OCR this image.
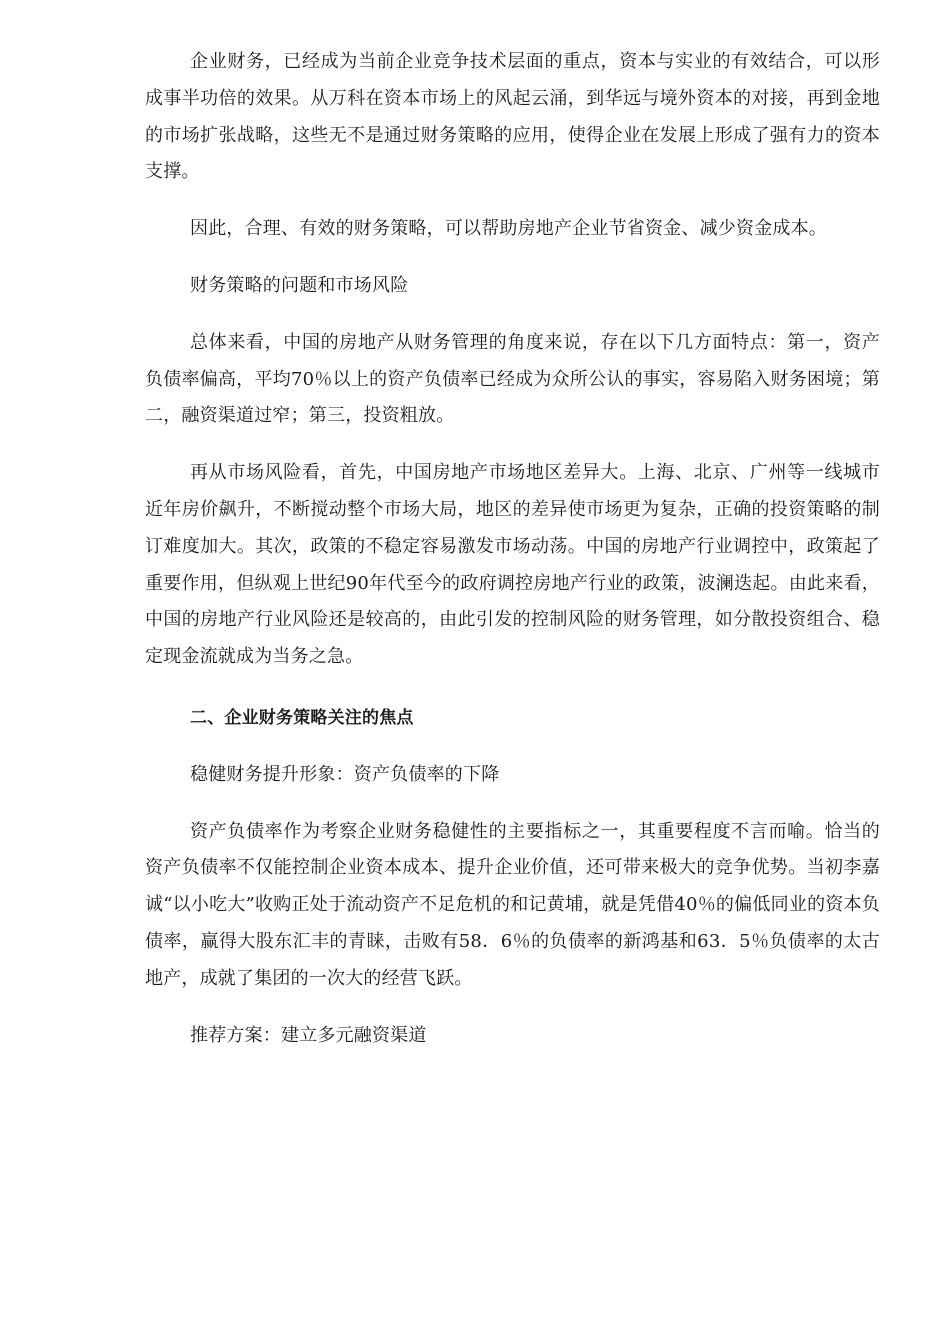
企业财务，已经成为当前企业竞争技术层面的重点，资本与实业的有效结合，可以形成事半功倍的效果。从万科在资本市场上的风起云涌，到华远与境外资本的对接，再到金地的市场扩张战略，这些无不是通过财务策略的应用，使得企业在发展上形成了强有力的资本支撑。

因此，合理、有效的财务策略，可以帮助房地产企业节省资金、减少资金成本。

财务策略的问题和市场风险

总体来看，中国的房地产从财务管理的角度来说，存在以下几方面特点：第一，资产负债率偏高，平均70％以上的资产负债率已经成为众所公认的事实，容易陷入财务困境；第二，融资渠道过窄；第三，投资粗放。

再从市场风险看，首先，中国房地产市场地区差异大。上海、北京、广州等一线城市近年房价飙升，不断搅动整个市场大局，地区的差异使市场更为复杂，正确的投资策略的制订难度加大。其次，政策的不稳定容易激发市场动荡。中国的房地产行业调控中，政策起了重要作用，但纵观上世纪90年代至今的政府调控房地产行业的政策，波澜迭起。由此来看，中国的房地产行业风险还是较高的，由此引发的控制风险的财务管理，如分散投资组合、稳定现金流就成为当务之急。

二、企业财务策略关注的焦点

稳健财务提升形象：资产负债率的下降

资产负债率作为考察企业财务稳健性的主要指标之一，其重要程度不言而喻。恰当的资产负债率不仅能控制企业资本成本、提升企业价值，还可带来极大的竞争优势。当初李嘉诚“以小吃大”收购正处于流动资产不足危机的和记黄埔，就是凭借40％的偏低同业的资本负债率，赢得大股东汇丰的青睐，击败有58．6％的负债率的新鸿基和63．5％负债率的太古地产，成就了集团的一次大的经营飞跃。

推荐方案：建立多元融资渠道
